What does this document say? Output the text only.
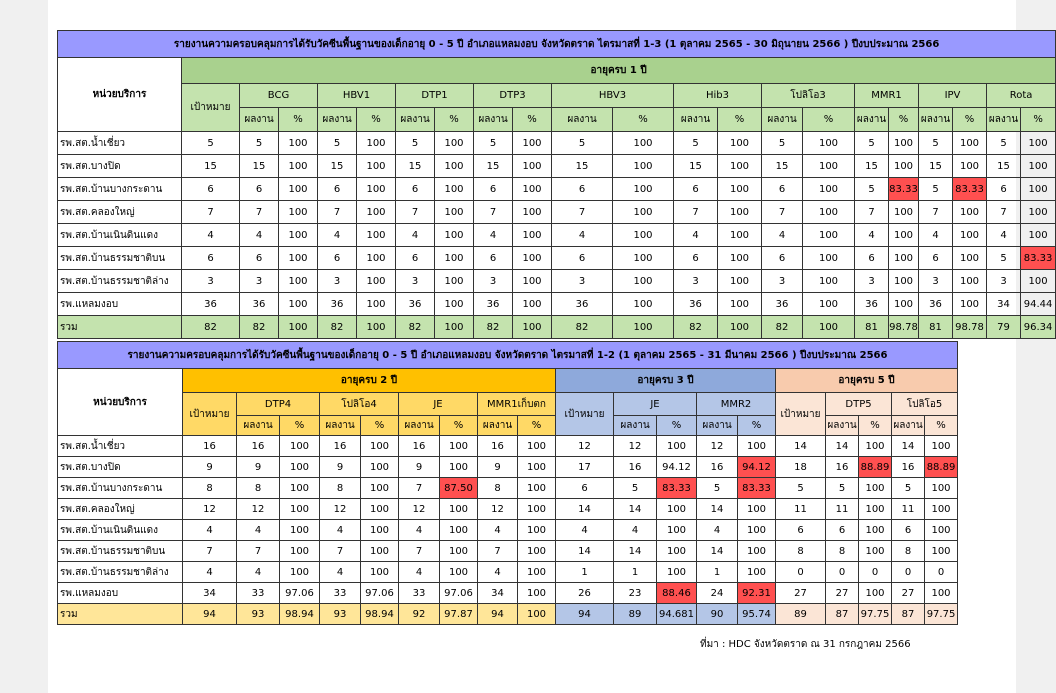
รายงานความครอบคลุมการได้รับวัคซีนพื้นฐานของเด็กอายุ 0 - 5 ปี อำเภอแหลมงอบ จังหวัดตราด ไตรมาสที่ 1-3 (1 ตุลาคม 2565 - 30 มิถุนายน 2566 ) ปีงบประมาณ 2566																					
หน่วยบริการ	อายุครบ 1 ปี																				
	เป้าหมาย	BCG		HBV1		DTP1		DTP3		HBV3		Hib3		โปลิโอ3		MMR1		IPV		Rota	
		ผลงาน	%	ผลงาน	%	ผลงาน	%	ผลงาน	%	ผลงาน	%	ผลงาน	%	ผลงาน	%	ผลงาน	%	ผลงาน	%	ผลงาน	%
รพ.สต.น้ำเชี่ยว	5	5	100	5	100	5	100	5	100	5	100	5	100	5	100	5	100	5	100	5	100
รพ.สต.บางปิด	15	15	100	15	100	15	100	15	100	15	100	15	100	15	100	15	100	15	100	15	100
รพ.สต.บ้านบางกระดาน	6	6	100	6	100	6	100	6	100	6	100	6	100	6	100	5	83.33	5	83.33	6	100
รพ.สต.คลองใหญ่	7	7	100	7	100	7	100	7	100	7	100	7	100	7	100	7	100	7	100	7	100
รพ.สต.บ้านเนินดินแดง	4	4	100	4	100	4	100	4	100	4	100	4	100	4	100	4	100	4	100	4	100
รพ.สต.บ้านธรรมชาติบน	6	6	100	6	100	6	100	6	100	6	100	6	100	6	100	6	100	6	100	5	83.33
รพ.สต.บ้านธรรมชาติล่าง	3	3	100	3	100	3	100	3	100	3	100	3	100	3	100	3	100	3	100	3	100
รพ.แหลมงอบ	36	36	100	36	100	36	100	36	100	36	100	36	100	36	100	36	100	36	100	34	94.44
รวม	82	82	100	82	100	82	100	82	100	82	100	82	100	82	100	81	98.78	81	98.78	79	96.34
รายงานความครอบคลุมการได้รับวัคซีนพื้นฐานของเด็กอายุ 0 - 5 ปี อำเภอแหลมงอบ จังหวัดตราด ไตรมาสที่ 1-2 (1 ตุลาคม 2565 - 31 มีนาคม 2566 ) ปีงบประมาณ 2566																			
หน่วยบริการ	อายุครบ 2 ปี									อายุครบ 3 ปี					อายุครบ 5 ปี				
	เป้าหมาย	DTP4		โปลิโอ4		JE		MMR1เก็บตก		เป้าหมาย	JE		MMR2		เป้าหมาย	DTP5		โปลิโอ5	
		ผลงาน	%	ผลงาน	%	ผลงาน	%	ผลงาน	%		ผลงาน	%	ผลงาน	%		ผลงาน	%	ผลงาน	%
รพ.สต.น้ำเชี่ยว	16	16	100	16	100	16	100	16	100	12	12	100	12	100	14	14	100	14	100
รพ.สต.บางปิด	9	9	100	9	100	9	100	9	100	17	16	94.12	16	94.12	18	16	88.89	16	88.89
รพ.สต.บ้านบางกระดาน	8	8	100	8	100	7	87.50	8	100	6	5	83.33	5	83.33	5	5	100	5	100
รพ.สต.คลองใหญ่	12	12	100	12	100	12	100	12	100	14	14	100	14	100	11	11	100	11	100
รพ.สต.บ้านเนินดินแดง	4	4	100	4	100	4	100	4	100	4	4	100	4	100	6	6	100	6	100
รพ.สต.บ้านธรรมชาติบน	7	7	100	7	100	7	100	7	100	14	14	100	14	100	8	8	100	8	100
รพ.สต.บ้านธรรมชาติล่าง	4	4	100	4	100	4	100	4	100	1	1	100	1	100	0	0	0	0	0
รพ.แหลมงอบ	34	33	97.06	33	97.06	33	97.06	34	100	26	23	88.46	24	92.31	27	27	100	27	100
รวม	94	93	98.94	93	98.94	92	97.87	94	100	94	89	94.681	90	95.74	89	87	97.75	87	97.75
ที่มา : HDC จังหวัดตราด ณ 31 กรกฎาคม 2566
